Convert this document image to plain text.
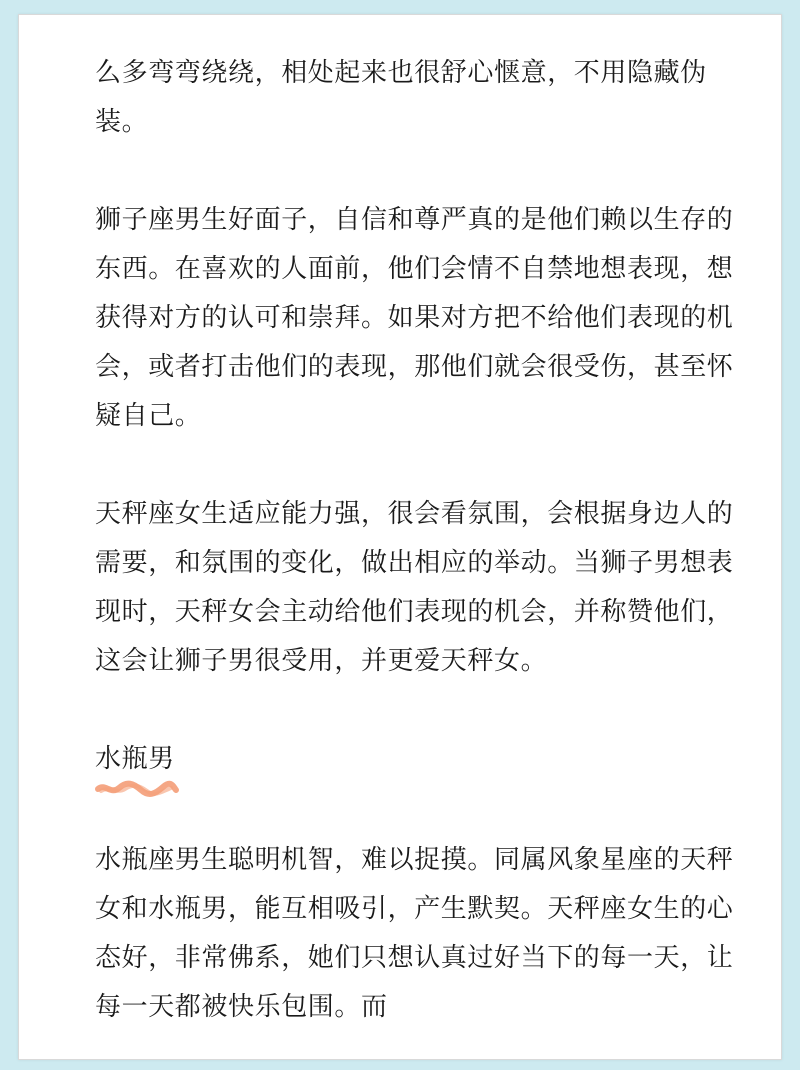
么多弯弯绕绕，相处起来也很舒心惬意，不用隐藏伪装。

狮子座男生好面子，自信和尊严真的是他们赖以生存的东西。在喜欢的人面前，他们会情不自禁地想表现，想获得对方的认可和崇拜。如果对方把不给他们表现的机会，或者打击他们的表现，那他们就会很受伤，甚至怀疑自己。

天秤座女生适应能力强，很会看氛围，会根据身边人的需要，和氛围的变化，做出相应的举动。当狮子男想表现时，天秤女会主动给他们表现的机会，并称赞他们，这会让狮子男很受用，并更爱天秤女。

水瓶男

水瓶座男生聪明机智，难以捉摸。同属风象星座的天秤女和水瓶男，能互相吸引，产生默契。天秤座女生的心态好，非常佛系，她们只想认真过好当下的每一天，让每一天都被快乐包围。而
